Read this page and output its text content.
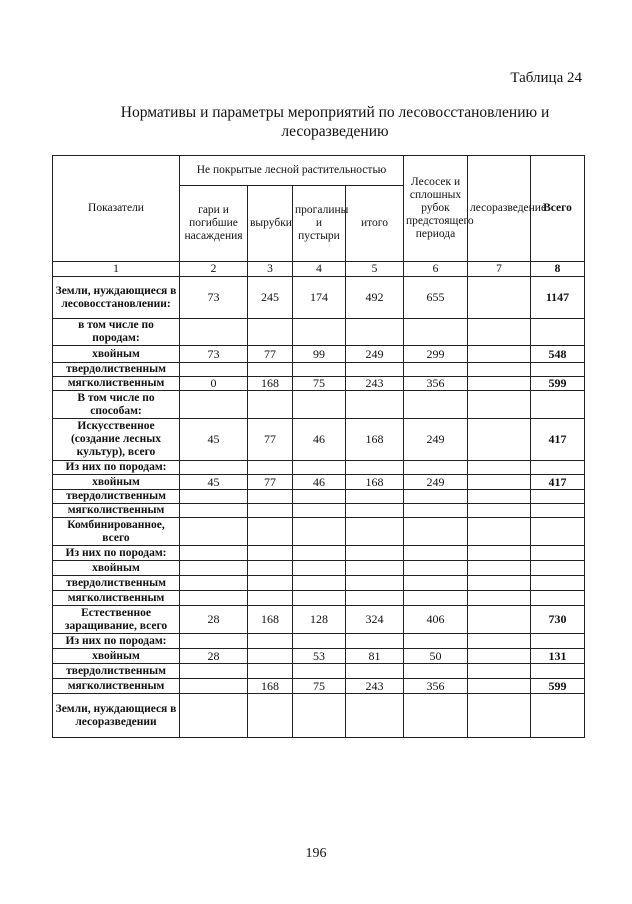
Таблица 24
Нормативы и параметры мероприятий по лесовосстановлению и лесоразведению
Показатели	Не покрытые лесной растительностью				Лесосек и сплошных рубок предстоящего периода	лесоразведение	Всего
	гари и погибшие насаждения	вырубки	прогалины и пустыри	итого			
1	2	3	4	5	6	7	8
Земли, нуждающиеся в лесовосстановлении:	73	245	174	492	655		1147
в том числе по породам:							
хвойным	73	77	99	249	299		548
твердолиственным							
мягколиственным	0	168	75	243	356		599
В том числе по способам:							
Искусственное (создание лесных культур), всего	45	77	46	168	249		417
Из них по породам:							
хвойным	45	77	46	168	249		417
твердолиственным							
мягколиственным							
Комбинированное, всего							
Из них по породам:							
хвойным							
твердолиственным							
мягколиственным							
Естественное заращивание, всего	28	168	128	324	406		730
Из них по породам:							
хвойным	28		53	81	50		131
твердолиственным							
мягколиственным		168	75	243	356		599
Земли, нуждающиеся в лесоразведении							
196
